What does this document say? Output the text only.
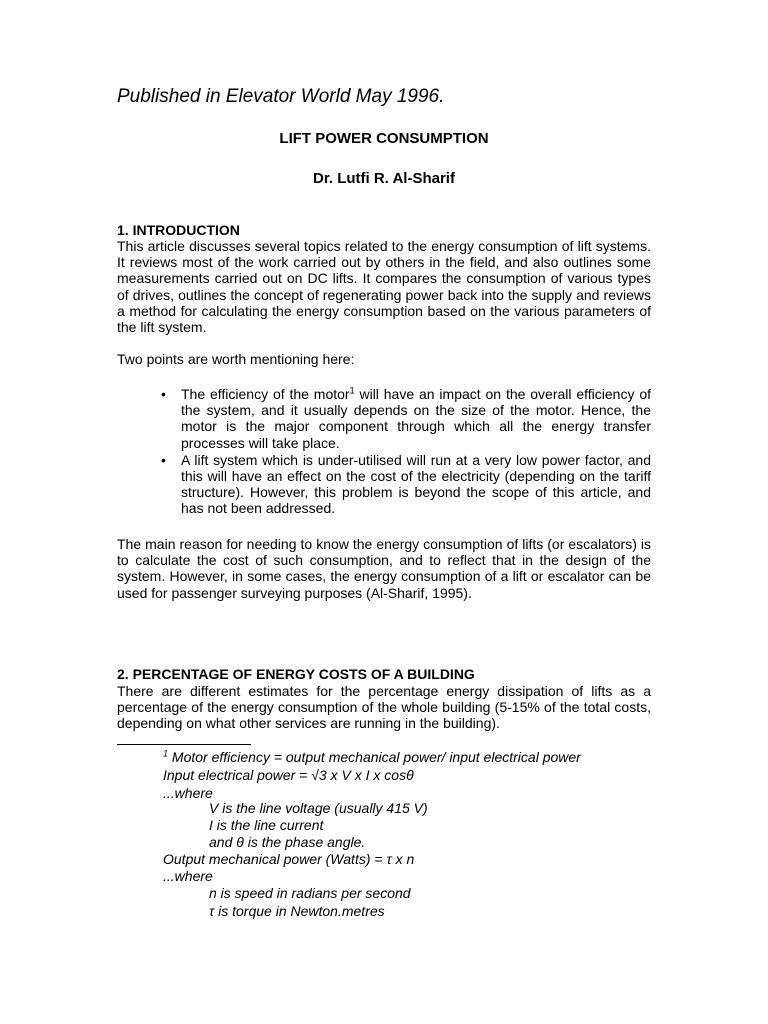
Published in Elevator World May 1996.
LIFT POWER CONSUMPTION
Dr. Lutfi R. Al-Sharif
1. INTRODUCTION
This article discusses several topics related to the energy consumption of lift systems. It reviews most of the work carried out by others in the field, and also outlines some measurements carried out on DC lifts. It compares the consumption of various types of drives, outlines the concept of regenerating power back into the supply and reviews a method for calculating the energy consumption based on the various parameters of the lift system.
Two points are worth mentioning here:
• The efficiency of the motor$^1$ will have an impact on the overall efficiency of the system, and it usually depends on the size of the motor. Hence, the motor is the major component through which all the energy transfer processes will take place.
• A lift system which is under-utilised will run at a very low power factor, and this will have an effect on the cost of the electricity (depending on the tariff structure). However, this problem is beyond the scope of this article, and has not been addressed.
The main reason for needing to know the energy consumption of lifts (or escalators) is to calculate the cost of such consumption, and to reflect that in the design of the system. However, in some cases, the energy consumption of a lift or escalator can be used for passenger surveying purposes (Al-Sharif, 1995).
2. PERCENTAGE OF ENERGY COSTS OF A BUILDING
There are different estimates for the percentage energy dissipation of lifts as a percentage of the energy consumption of the whole building (5-15% of the total costs, depending on what other services are running in the building).
$^1$ Motor efficiency = output mechanical power/ input electrical power
Input electrical power = √3 x V x I x cosθ
...where
V is the line voltage (usually 415 V)
I is the line current
and θ is the phase angle.
Output mechanical power (Watts) = τ x n
...where
n is speed in radians per second
τ is torque in Newton.metres
